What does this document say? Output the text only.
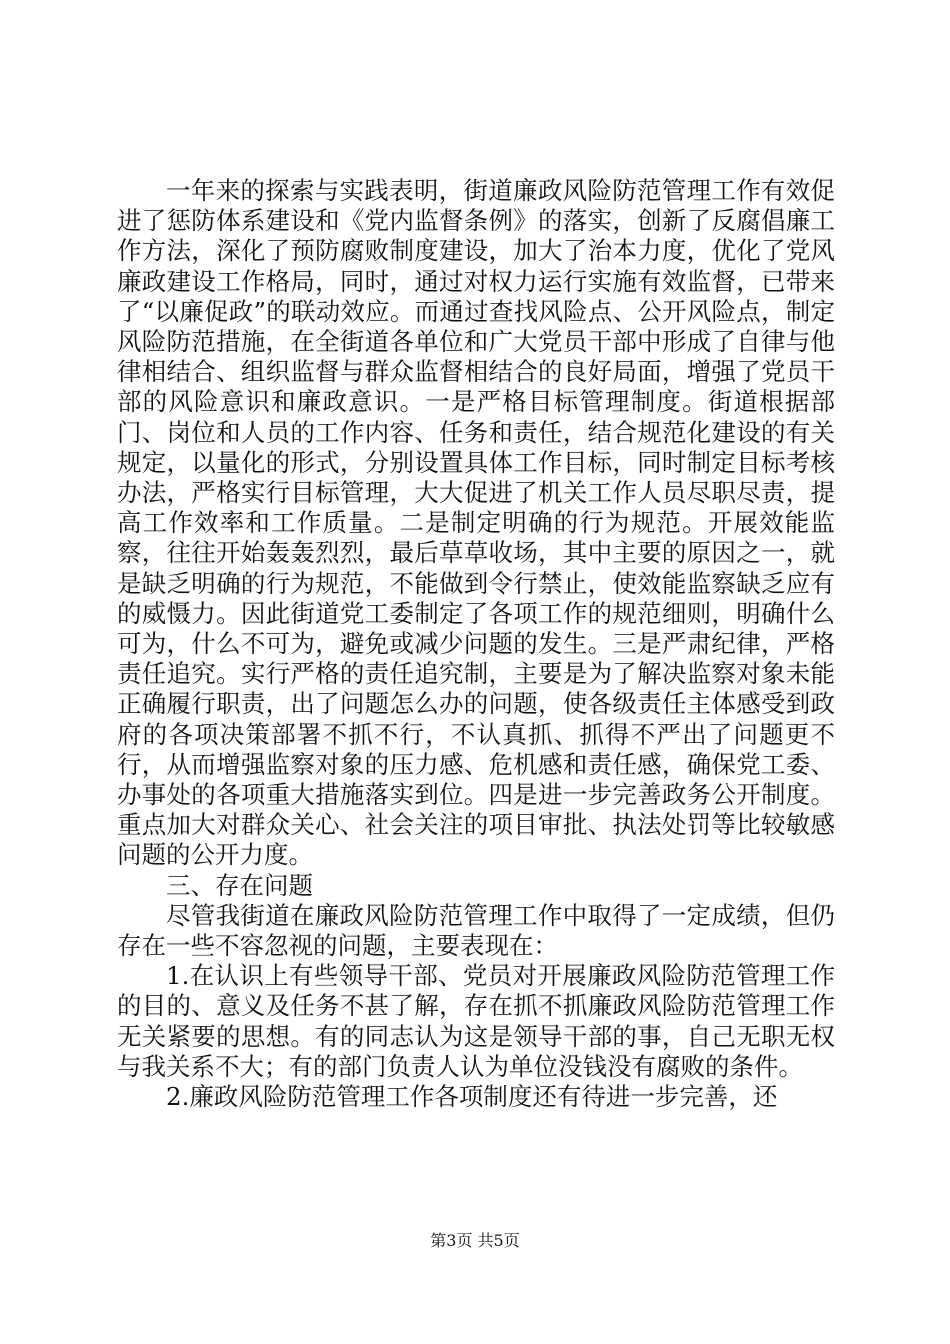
一年来的探索与实践表明，街道廉政风险防范管理工作有效促进了惩防体系建设和《党内监督条例》的落实，创新了反腐倡廉工作方法，深化了预防腐败制度建设，加大了治本力度，优化了党风廉政建设工作格局，同时，通过对权力运行实施有效监督，已带来了“以廉促政”的联动效应。而通过查找风险点、公开风险点，制定风险防范措施，在全街道各单位和广大党员干部中形成了自律与他律相结合、组织监督与群众监督相结合的良好局面，增强了党员干部的风险意识和廉政意识。一是严格目标管理制度。街道根据部门、岗位和人员的工作内容、任务和责任，结合规范化建设的有关规定，以量化的形式，分别设置具体工作目标，同时制定目标考核办法，严格实行目标管理，大大促进了机关工作人员尽职尽责，提高工作效率和工作质量。二是制定明确的行为规范。开展效能监察，往往开始轰轰烈烈，最后草草收场，其中主要的原因之一，就是缺乏明确的行为规范，不能做到令行禁止，使效能监察缺乏应有的威慑力。因此街道党工委制定了各项工作的规范细则，明确什么可为，什么不可为，避免或减少问题的发生。三是严肃纪律，严格责任追究。实行严格的责任追究制，主要是为了解决监察对象未能正确履行职责，出了问题怎么办的问题，使各级责任主体感受到政府的各项决策部署不抓不行，不认真抓、抓得不严出了问题更不行，从而增强监察对象的压力感、危机感和责任感，确保党工委、办事处的各项重大措施落实到位。四是进一步完善政务公开制度。重点加大对群众关心、社会关注的项目审批、执法处罚等比较敏感问题的公开力度。

三、存在问题

尽管我街道在廉政风险防范管理工作中取得了一定成绩，但仍存在一些不容忽视的问题，主要表现在：

1.在认识上有些领导干部、党员对开展廉政风险防范管理工作的目的、意义及任务不甚了解，存在抓不抓廉政风险防范管理工作无关紧要的思想。有的同志认为这是领导干部的事，自己无职无权与我关系不大；有的部门负责人认为单位没钱没有腐败的条件。

2.廉政风险防范管理工作各项制度还有待进一步完善，还

第3页 共5页
